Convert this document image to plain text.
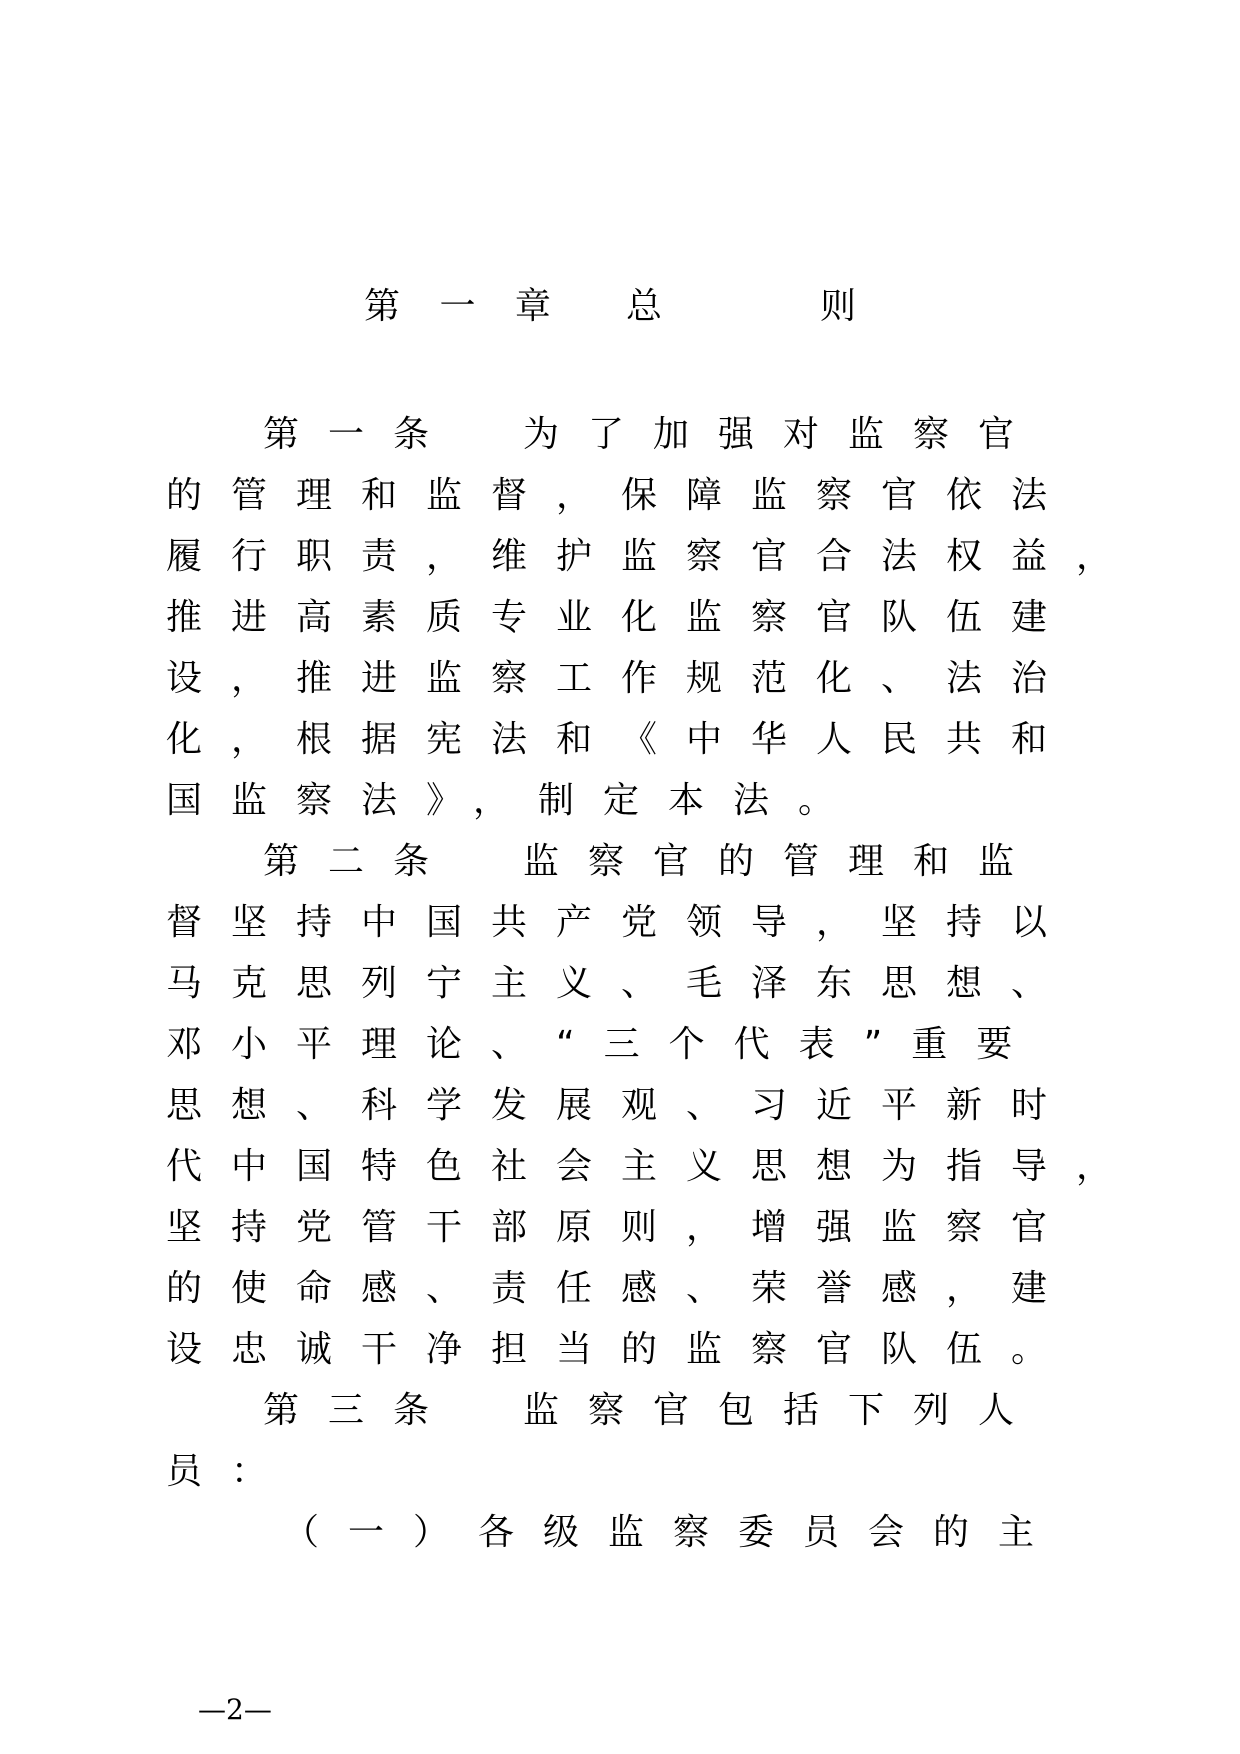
第 一 章 总	则
第一条　为了加强对监察官
的管理和监督，保障监察官依法
履行职责，维护监察官合法权益，
推进高素质专业化监察官队伍建
设，推进监察工作规范化、法治
化，根据宪法和《中华人民共和
国监察法》，制定本法。
第二条　监察官的管理和监
督坚持中国共产党领导，坚持以
马克思列宁主义、毛泽东思想、
邓小平理论、“三个代表”重要
思想、科学发展观、习近平新时
代中国特色社会主义思想为指导，
坚持党管干部原则，增强监察官
的使命感、责任感、荣誉感，建
设忠诚干净担当的监察官队伍。
第三条　监察官包括下列人
员：
（一）各级监察委员会的主
—2—
